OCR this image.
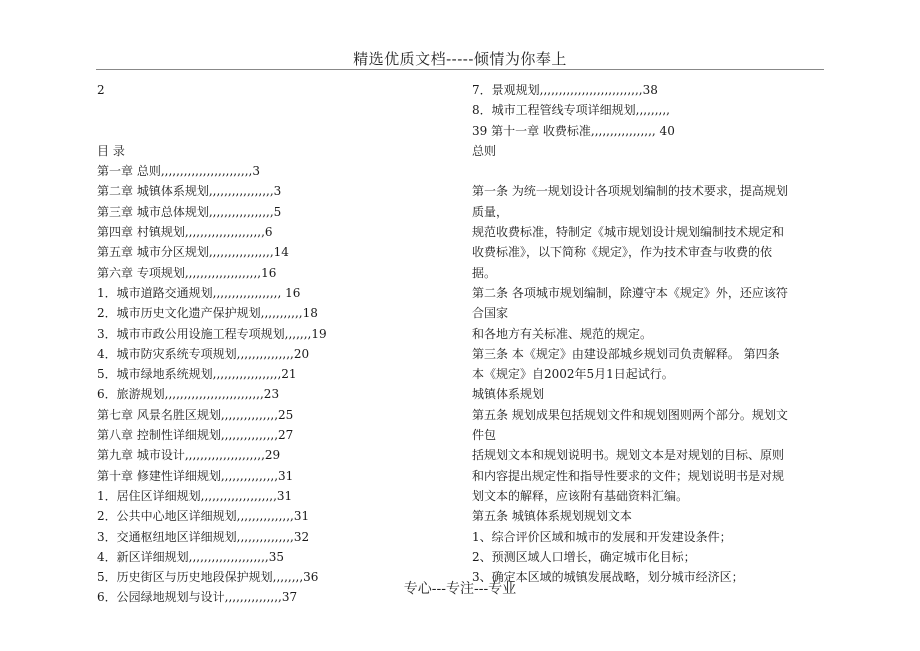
精选优质文档-----倾情为你奉上
2
目 录
第一章 总则,,,,,,,,,,,,,,,,,,,,,,,,3
第二章 城镇体系规划,,,,,,,,,,,,,,,,,3
第三章 城市总体规划,,,,,,,,,,,,,,,,,5
第四章 村镇规划,,,,,,,,,,,,,,,,,,,,,6
第五章 城市分区规划,,,,,,,,,,,,,,,,,14
第六章 专项规划,,,,,,,,,,,,,,,,,,,,16
1．城市道路交通规划,,,,,,,,,,,,,,,,,, 16
2．城市历史文化遗产保护规划,,,,,,,,,,,18
3．城市市政公用设施工程专项规划,,,,,,,19
4．城市防灾系统专项规划,,,,,,,,,,,,,,,20
5．城市绿地系统规划,,,,,,,,,,,,,,,,,,21
6．旅游规划,,,,,,,,,,,,,,,,,,,,,,,,,,23
第七章 风景名胜区规划,,,,,,,,,,,,,,,25
第八章 控制性详细规划,,,,,,,,,,,,,,,27
第九章 城市设计,,,,,,,,,,,,,,,,,,,,,29
第十章 修建性详细规划,,,,,,,,,,,,,,,31
1．居住区详细规划,,,,,,,,,,,,,,,,,,,,31
2．公共中心地区详细规划,,,,,,,,,,,,,,,31
3．交通枢纽地区详细规划,,,,,,,,,,,,,,,32
4．新区详细规划,,,,,,,,,,,,,,,,,,,,,35
5．历史街区与历史地段保护规划,,,,,,,,36
6．公园绿地规划与设计,,,,,,,,,,,,,,,37
7．景观规划,,,,,,,,,,,,,,,,,,,,,,,,,,,38
8．城市工程管线专项详细规划,,,,,,,,,
39 第十一章 收费标准,,,,,,,,,,,,,,,,, 40
总则
第一条 为统一规划设计各项规划编制的技术要求，提高规划
质量，
规范收费标准，特制定《城市规划设计规划编制技术规定和
收费标准》，以下简称《规定》，作为技术审查与收费的依
据。
第二条 各项城市规划编制，除遵守本《规定》外，还应该符
合国家
和各地方有关标准、规范的规定。
第三条 本《规定》由建设部城乡规划司负责解释。 第四条
本《规定》自2002年5月1日起试行。
城镇体系规划
第五条 规划成果包括规划文件和规划图则两个部分。规划文
件包
括规划文本和规划说明书。规划文本是对规划的目标、原则
和内容提出规定性和指导性要求的文件；规划说明书是对规
划文本的解释，应该附有基础资料汇编。
第五条 城镇体系规划规划文本
1、综合评价区域和城市的发展和开发建设条件；
2、预测区域人口增长，确定城市化目标；
3、确定本区域的城镇发展战略，划分城市经济区；
专心---专注---专业
